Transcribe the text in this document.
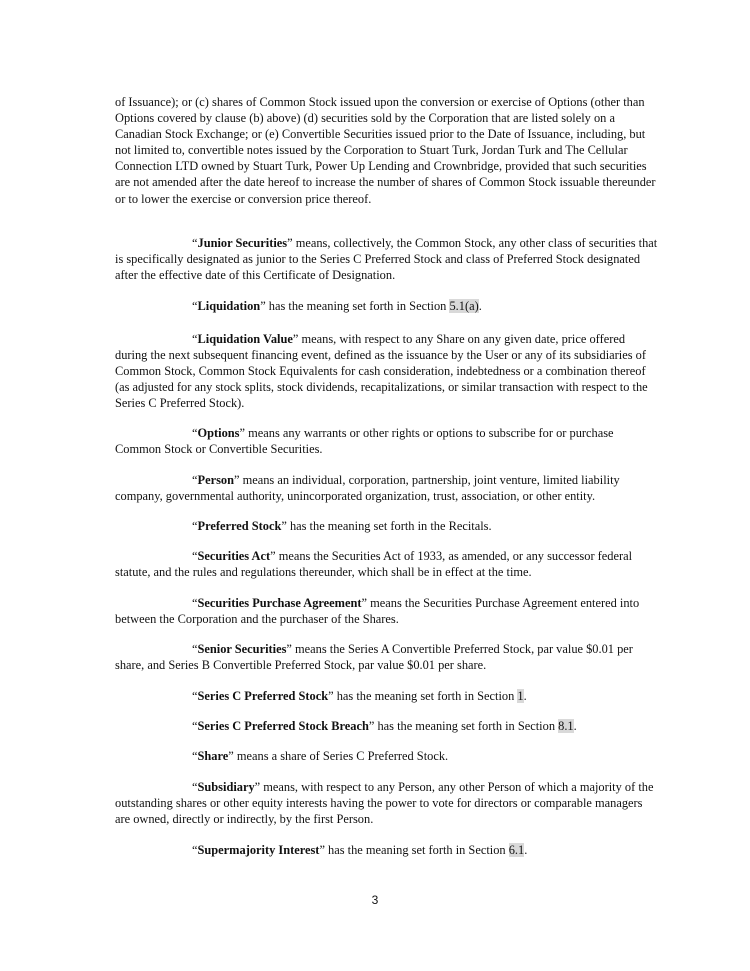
of Issuance); or (c) shares of Common Stock issued upon the conversion or exercise of Options (other than Options covered by clause (b) above) (d) securities sold by the Corporation that are listed solely on a Canadian Stock Exchange; or (e) Convertible Securities issued prior to the Date of Issuance, including, but not limited to, convertible notes issued by the Corporation to Stuart Turk, Jordan Turk and The Cellular Connection LTD owned by Stuart Turk, Power Up Lending and Crownbridge, provided that such securities are not amended after the date hereof to increase the number of shares of Common Stock issuable thereunder or to lower the exercise or conversion price thereof.

“Junior Securities” means, collectively, the Common Stock, any other class of securities that is specifically designated as junior to the Series C Preferred Stock and class of Preferred Stock designated after the effective date of this Certificate of Designation.

“Liquidation” has the meaning set forth in Section 5.1(a).

“Liquidation Value” means, with respect to any Share on any given date, price offered during the next subsequent financing event, defined as the issuance by the User or any of its subsidiaries of Common Stock, Common Stock Equivalents for cash consideration, indebtedness or a combination thereof (as adjusted for any stock splits, stock dividends, recapitalizations, or similar transaction with respect to the Series C Preferred Stock).

“Options” means any warrants or other rights or options to subscribe for or purchase Common Stock or Convertible Securities.

“Person” means an individual, corporation, partnership, joint venture, limited liability company, governmental authority, unincorporated organization, trust, association, or other entity.

“Preferred Stock” has the meaning set forth in the Recitals.

“Securities Act” means the Securities Act of 1933, as amended, or any successor federal statute, and the rules and regulations thereunder, which shall be in effect at the time.

“Securities Purchase Agreement” means the Securities Purchase Agreement entered into between the Corporation and the purchaser of the Shares.

“Senior Securities” means the Series A Convertible Preferred Stock, par value $0.01 per share, and Series B Convertible Preferred Stock, par value $0.01 per share.

“Series C Preferred Stock” has the meaning set forth in Section 1.

“Series C Preferred Stock Breach” has the meaning set forth in Section 8.1.

“Share” means a share of Series C Preferred Stock.

“Subsidiary” means, with respect to any Person, any other Person of which a majority of the outstanding shares or other equity interests having the power to vote for directors or comparable managers are owned, directly or indirectly, by the first Person.

“Supermajority Interest” has the meaning set forth in Section 6.1.

3
